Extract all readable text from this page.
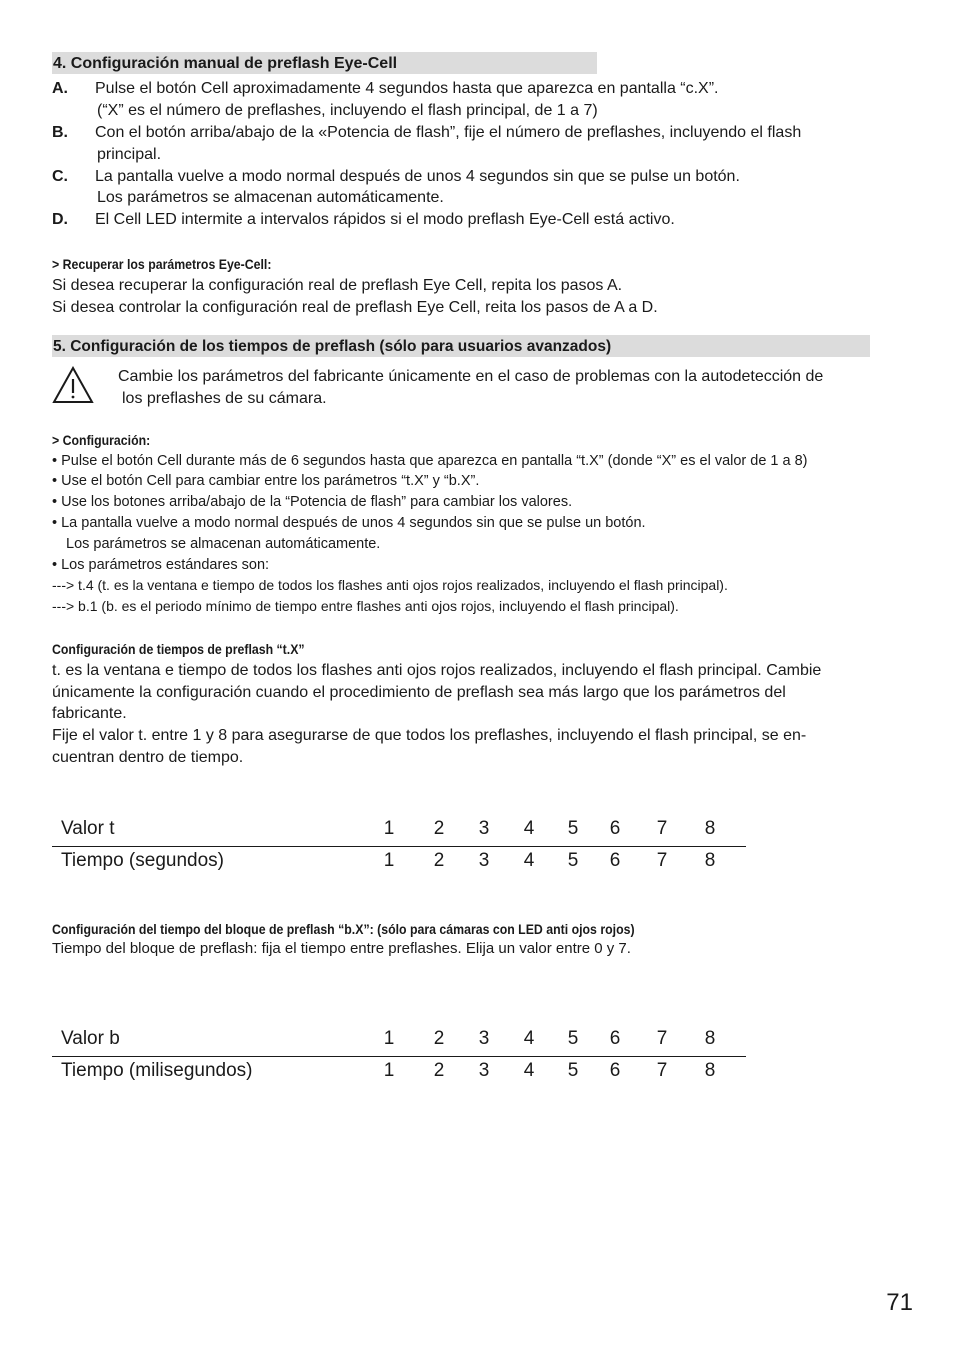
4. Configuración manual de preflash Eye-Cell
A. Pulse el botón Cell aproximadamente 4 segundos hasta que aparezca en pantalla “c.X”.
(“X” es el número de preflashes, incluyendo el flash principal, de 1 a 7)
B. Con el botón arriba/abajo de la «Potencia de flash”, fije el número de preflashes, incluyendo el flash
principal.
C. La pantalla vuelve a modo normal después de unos 4 segundos sin que se pulse un botón.
Los parámetros se almacenan automáticamente.
D. El Cell LED intermite a intervalos rápidos si el modo preflash Eye-Cell está activo.
> Recuperar los parámetros Eye-Cell:
Si desea recuperar la configuración real de preflash Eye Cell, repita los pasos A.
Si desea controlar la configuración real de preflash Eye Cell, reita los pasos de A a D.
5. Configuración de los tiempos de preflash (sólo para usuarios avanzados)
Cambie los parámetros del fabricante únicamente en el caso de problemas con la autodetección de
los preflashes de su cámara.
> Configuración:
• Pulse el botón Cell durante más de 6 segundos hasta que aparezca en pantalla “t.X” (donde “X” es el valor de 1 a 8)
• Use el botón Cell para cambiar entre los parámetros “t.X” y “b.X”.
• Use los botones arriba/abajo de la “Potencia de flash” para cambiar los valores.
• La pantalla vuelve a modo normal después de unos 4 segundos sin que se pulse un botón.
Los parámetros se almacenan automáticamente.
• Los parámetros estándares son:
---> t.4 (t. es la ventana e tiempo de todos los flashes anti ojos rojos realizados, incluyendo el flash principal).
---> b.1 (b. es el periodo mínimo de tiempo entre flashes anti ojos rojos, incluyendo el flash principal).
Configuración de tiempos de preflash “t.X”
t. es la ventana e tiempo de todos los flashes anti ojos rojos realizados, incluyendo el flash principal. Cambie
únicamente la configuración cuando el procedimiento de preflash sea más largo que los parámetros del
fabricante.
Fije el valor t. entre 1 y 8 para asegurarse de que todos los preflashes, incluyendo el flash principal, se en-
cuentran dentro de tiempo.
Valor t	1 2 3 4 5 6 7 8
Tiempo (segundos)	1 2 3 4 5 6 7 8
Configuración del tiempo del bloque de preflash “b.X”: (sólo para cámaras con LED anti ojos rojos)
Tiempo del bloque de preflash: fija el tiempo entre preflashes. Elija un valor entre 0 y 7.
Valor b	1 2 3 4 5 6 7 8
Tiempo (milisegundos)	1 2 3 4 5 6 7 8
71
